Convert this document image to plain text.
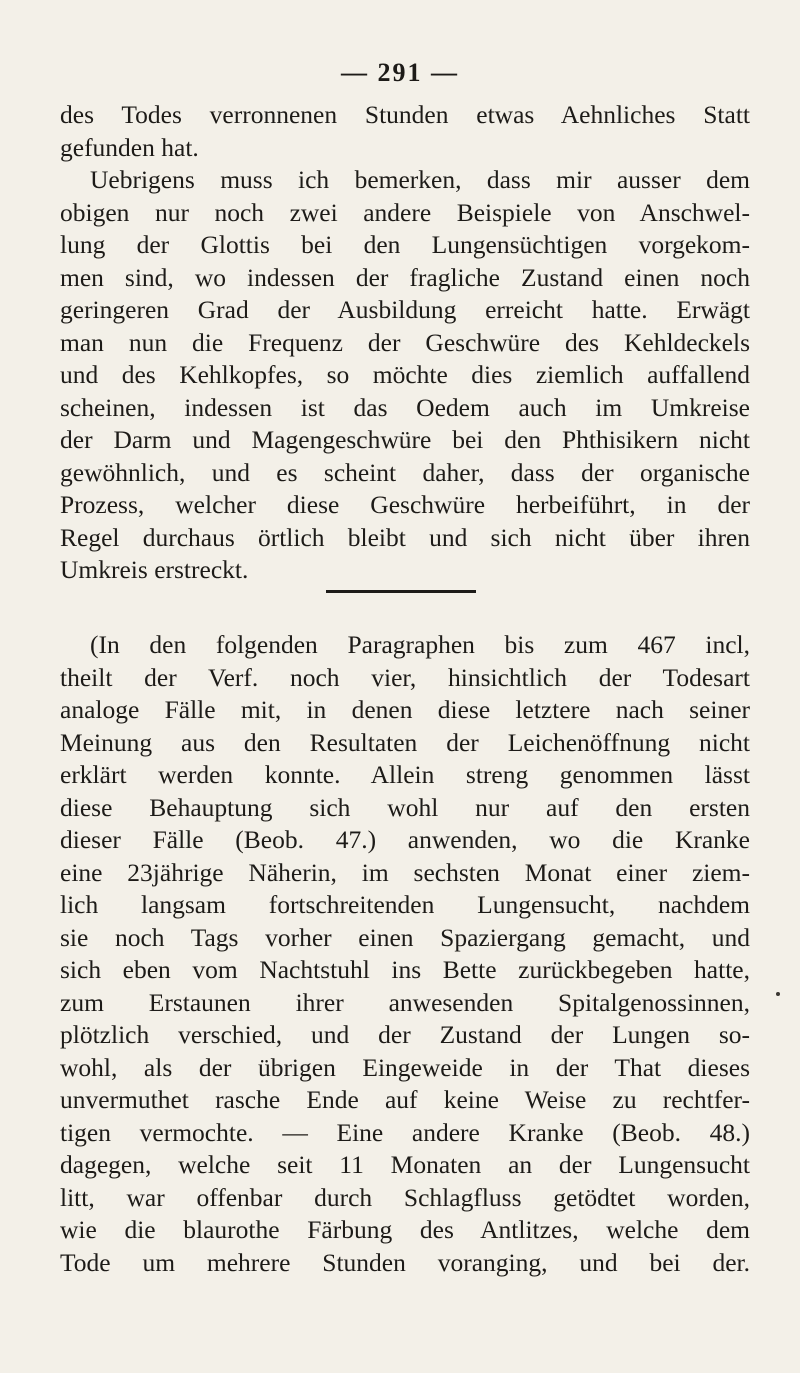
— 291 —
des Todes verronnenen Stunden etwas Aehnliches Statt
gefunden hat.
Uebrigens muss ich bemerken, dass mir ausser dem
obigen nur noch zwei andere Beispiele von Anschwel-
lung der Glottis bei den Lungensüchtigen vorgekom-
men sind, wo indessen der fragliche Zustand einen noch
geringeren Grad der Ausbildung erreicht hatte. Erwägt
man nun die Frequenz der Geschwüre des Kehldeckels
und des Kehlkopfes, so möchte dies ziemlich auffallend
scheinen, indessen ist das Oedem auch im Umkreise
der Darm und Magengeschwüre bei den Phthisikern nicht
gewöhnlich, und es scheint daher, dass der organische
Prozess, welcher diese Geschwüre herbeiführt, in der
Regel durchaus örtlich bleibt und sich nicht über ihren
Umkreis erstreckt.
(In den folgenden Paragraphen bis zum 467 incl,
theilt der Verf. noch vier, hinsichtlich der Todesart
analoge Fälle mit, in denen diese letztere nach seiner
Meinung aus den Resultaten der Leichenöffnung nicht
erklärt werden konnte. Allein streng genommen lässt
diese Behauptung sich wohl nur auf den ersten
dieser Fälle (Beob. 47.) anwenden, wo die Kranke
eine 23jährige Näherin, im sechsten Monat einer ziem-
lich langsam fortschreitenden Lungensucht, nachdem
sie noch Tags vorher einen Spaziergang gemacht, und
sich eben vom Nachtstuhl ins Bette zurückbegeben hatte,
zum Erstaunen ihrer anwesenden Spitalgenossinnen,
plötzlich verschied, und der Zustand der Lungen so-
wohl, als der übrigen Eingeweide in der That dieses
unvermuthet rasche Ende auf keine Weise zu rechtfer-
tigen vermochte. — Eine andere Kranke (Beob. 48.)
dagegen, welche seit 11 Monaten an der Lungensucht
litt, war offenbar durch Schlagfluss getödtet worden,
wie die blaurothe Färbung des Antlitzes, welche dem
Tode um mehrere Stunden voranging, und bei der.
